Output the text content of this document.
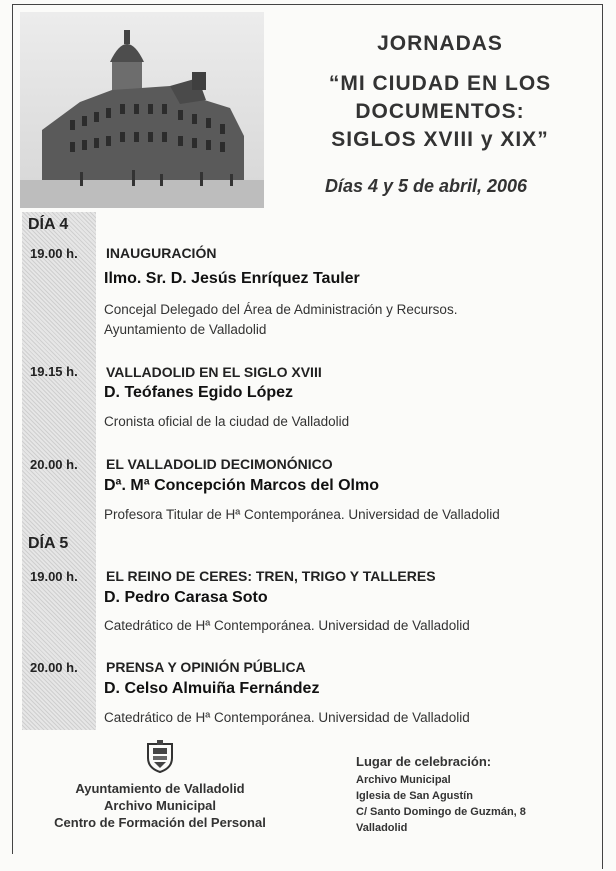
JORNADAS
“MI CIUDAD EN LOS
DOCUMENTOS:
SIGLOS XVIII y XIX”
Días 4 y 5 de abril, 2006
DÍA 4
19.00 h. INAUGURACIÓN
Ilmo. Sr. D. Jesús Enríquez Tauler
Concejal Delegado del Área de Administración y Recursos.
Ayuntamiento de Valladolid
19.15 h. VALLADOLID EN EL SIGLO XVIII
D. Teófanes Egido López
Cronista oficial de la ciudad de Valladolid
20.00 h. EL VALLADOLID DECIMONÓNICO
Dª. Mª Concepción Marcos del Olmo
Profesora Titular de Hª Contemporánea. Universidad de Valladolid
DÍA 5
19.00 h. EL REINO DE CERES: TREN, TRIGO Y TALLERES
D. Pedro Carasa Soto
Catedrático de Hª Contemporánea. Universidad de Valladolid
20.00 h. PRENSA Y OPINIÓN PÚBLICA
D. Celso Almuiña Fernández
Catedrático de Hª Contemporánea. Universidad de Valladolid
Ayuntamiento de Valladolid
Archivo Municipal
Centro de Formación del Personal
Lugar de celebración:
Archivo Municipal
Iglesia de San Agustín
C/ Santo Domingo de Guzmán, 8
Valladolid
